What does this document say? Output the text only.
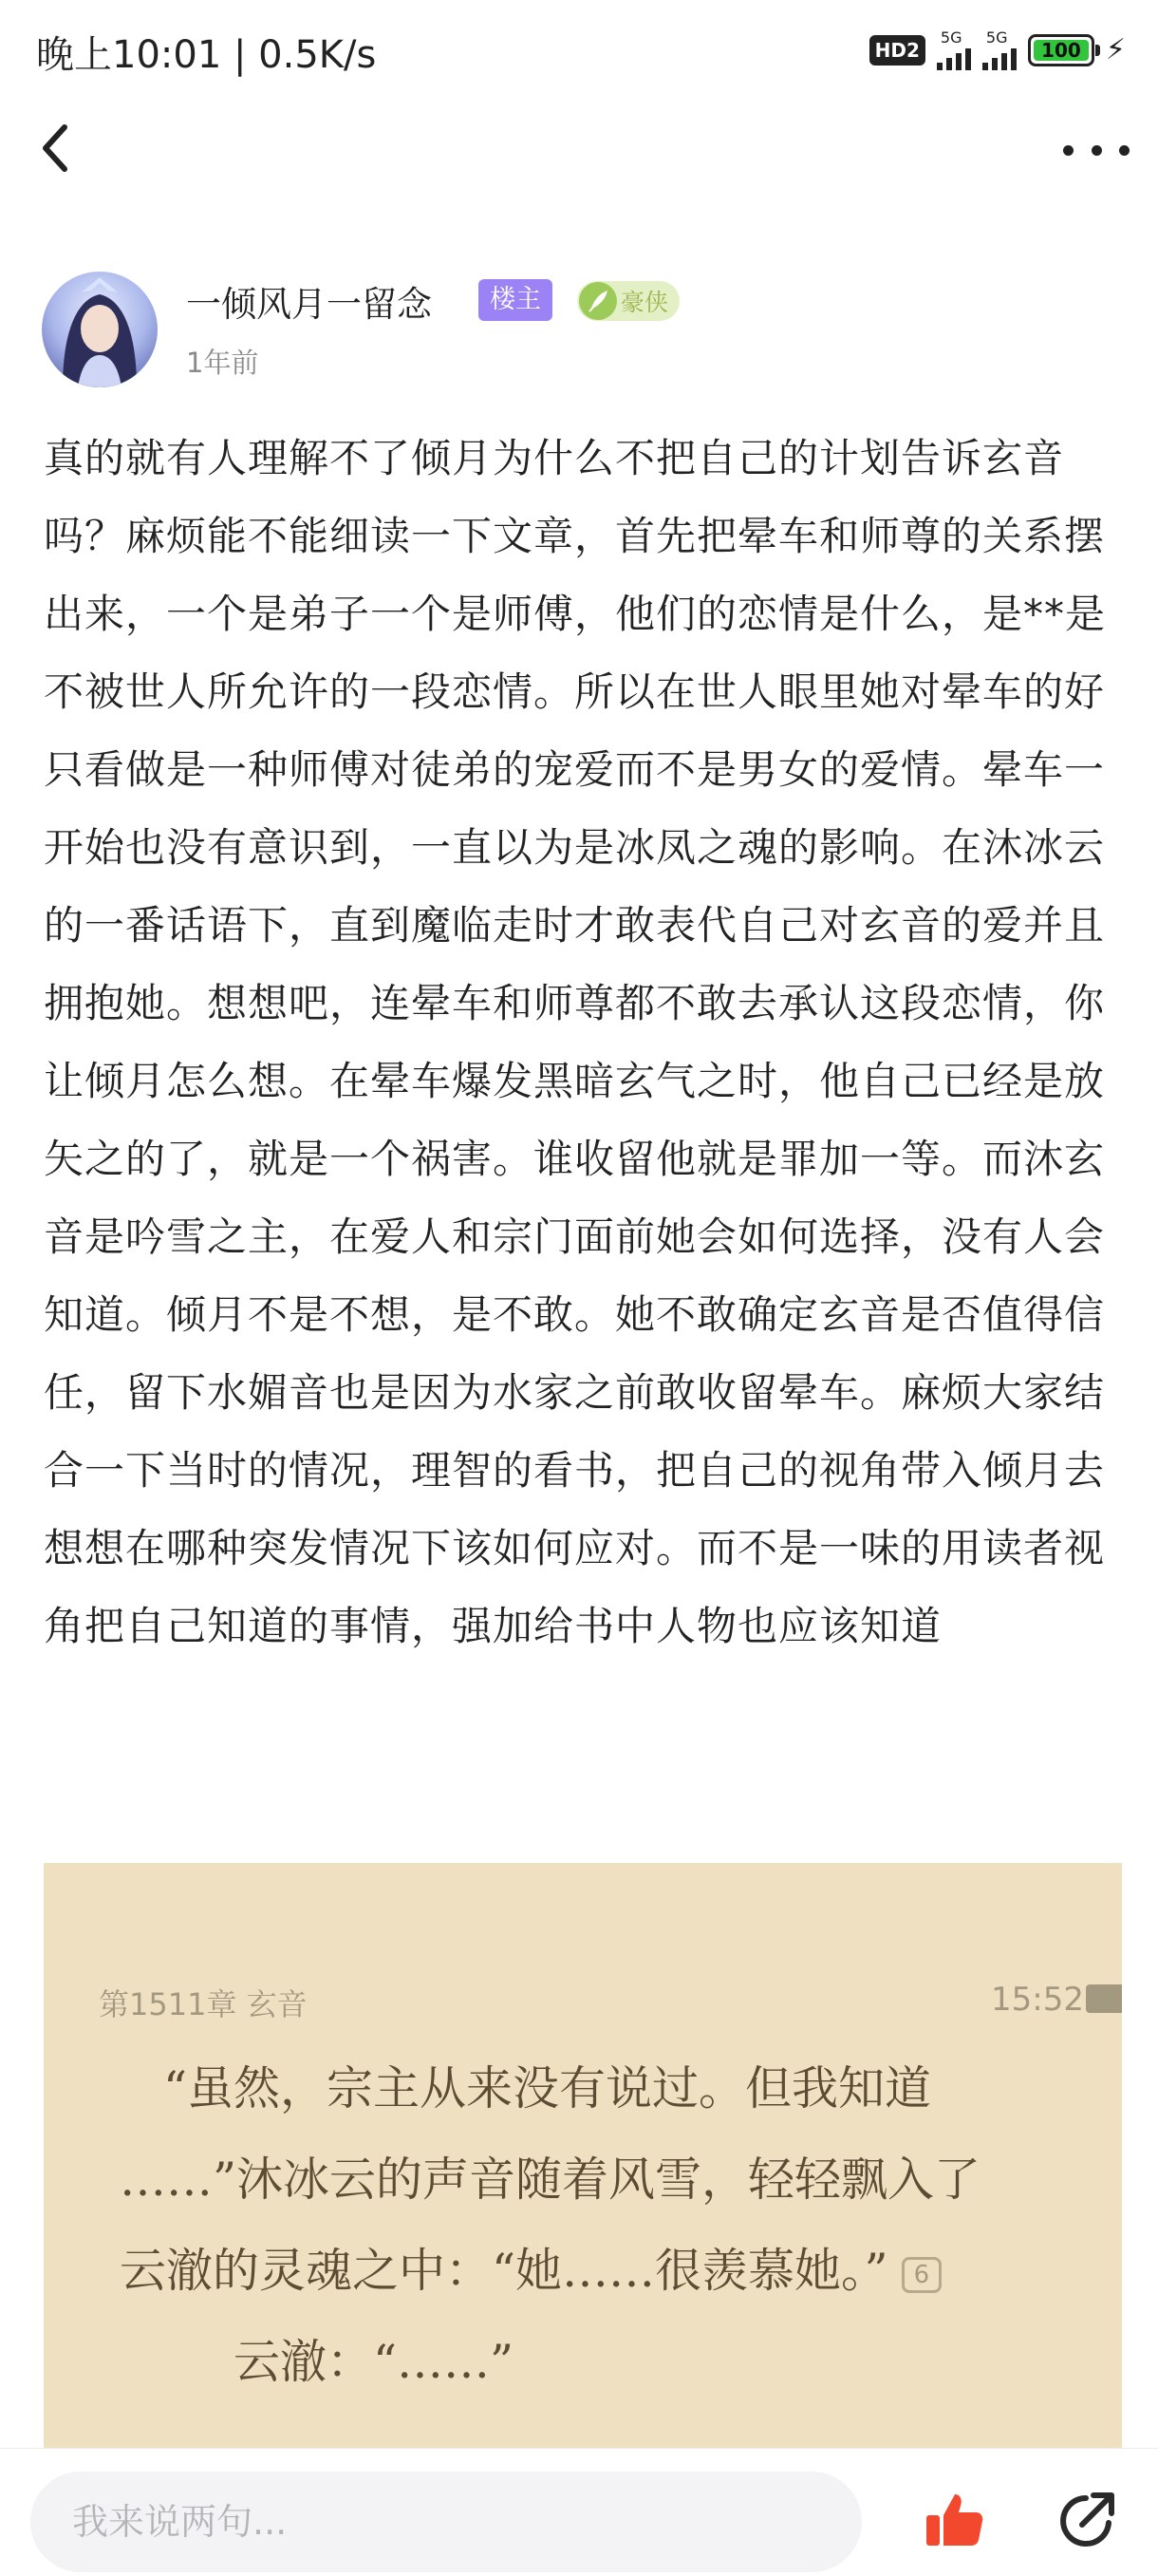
晚上10:01 | 0.5K/s	HD2
5G 5G
100 ⚡
一倾风月一留念	楼主	豪侠
1年前

真的就有人理解不了倾月为什么不把自己的计划告诉玄音吗？麻烦能不能细读一下文章，首先把晕车和师尊的关系摆出来，一个是弟子一个是师傅，他们的恋情是什么，是**是不被世人所允许的一段恋情。所以在世人眼里她对晕车的好只看做是一种师傅对徒弟的宠爱而不是男女的爱情。晕车一开始也没有意识到，一直以为是冰凤之魂的影响。在沐冰云的一番话语下，直到魔临走时才敢表代自己对玄音的爱并且拥抱她。想想吧，连晕车和师尊都不敢去承认这段恋情，你让倾月怎么想。在晕车爆发黑暗玄气之时，他自己已经是放矢之的了，就是一个祸害。谁收留他就是罪加一等。而沐玄音是吟雪之主，在爱人和宗门面前她会如何选择，没有人会知道。倾月不是不想，是不敢。她不敢确定玄音是否值得信任，留下水媚音也是因为水家之前敢收留晕车。麻烦大家结合一下当时的情况，理智的看书，把自己的视角带入倾月去想想在哪种突发情况下该如何应对。而不是一味的用读者视角把自己知道的事情，强加给书中人物也应该知道

第1511章 玄音	15:52
“虽然，宗主从来没有说过。但我知道
……”沐冰云的声音随着风雪，轻轻飘入了
云澈的灵魂之中：“她……很羡慕她。” 6
云澈：“……”
我来说两句...
